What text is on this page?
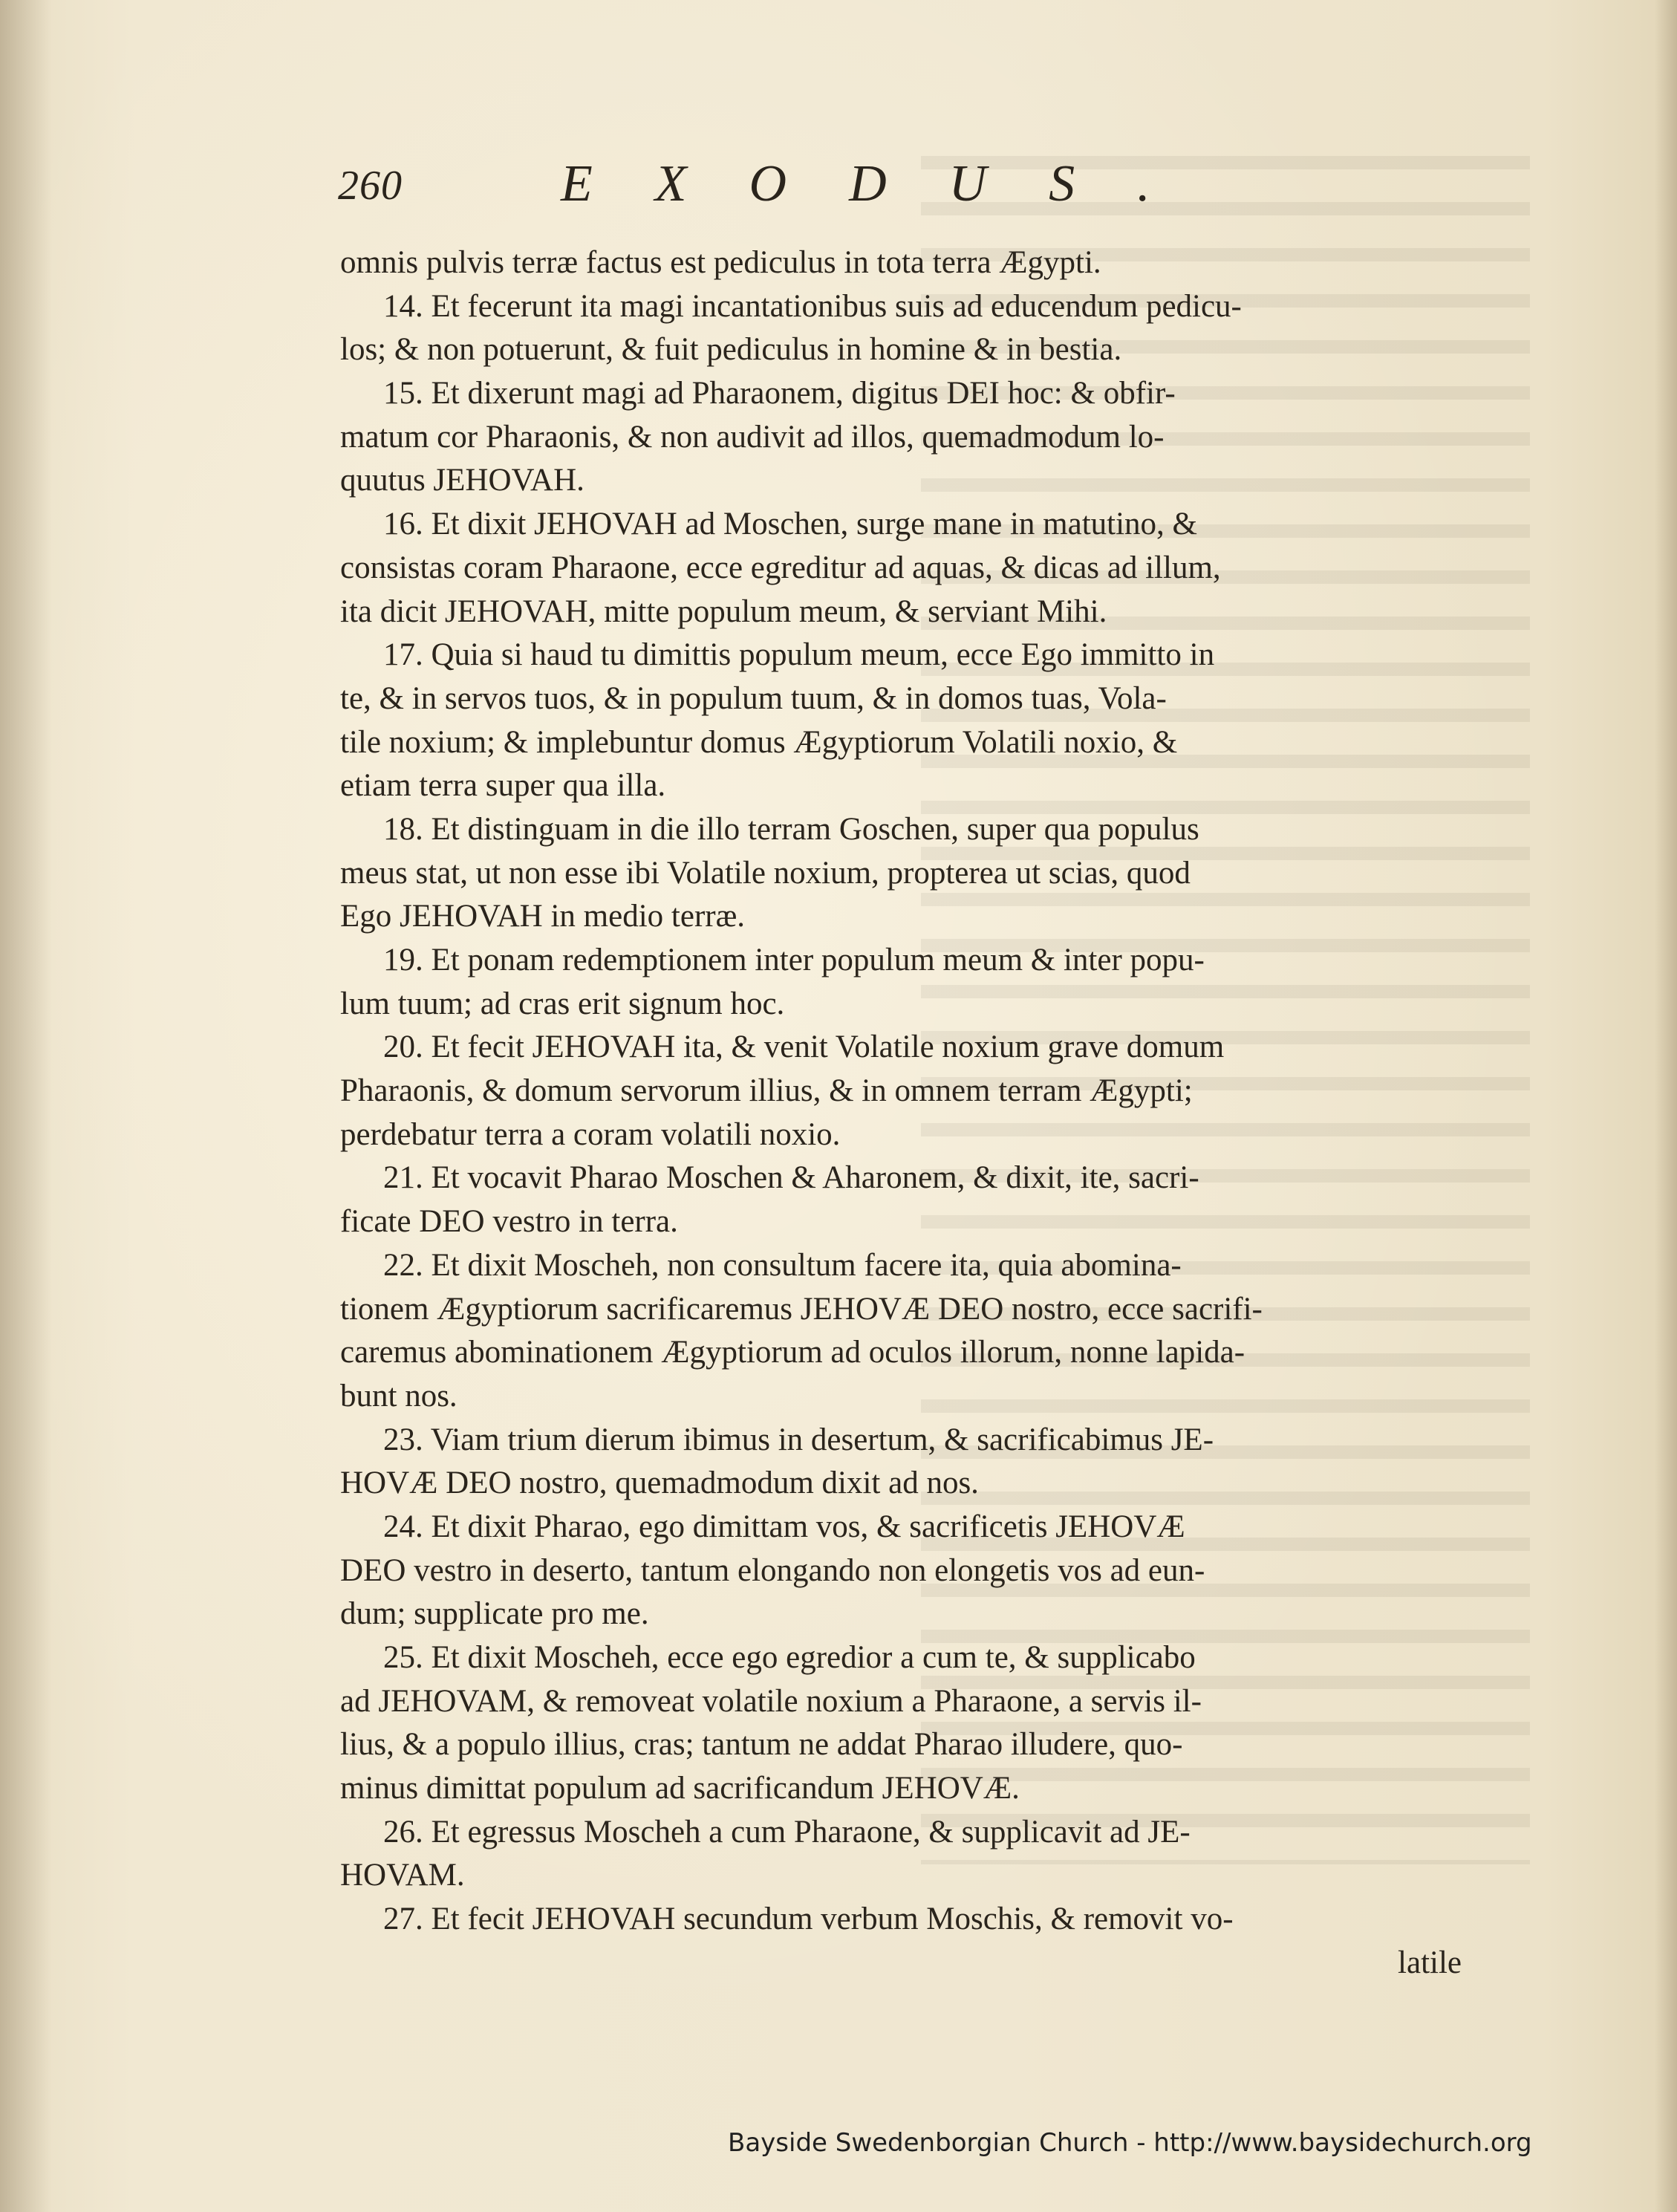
260	EXODUS.
omnis pulvis terræ factus est pediculus in tota terra Ægypti.
14. Et fecerunt ita magi incantationibus suis ad educendum pedicu-
los; & non potuerunt, & fuit pediculus in homine & in bestia.
15. Et dixerunt magi ad Pharaonem, digitus DEI hoc: & obfir-
matum cor Pharaonis, & non audivit ad illos, quemadmodum lo-
quutus JEHOVAH.
16. Et dixit JEHOVAH ad Moschen, surge mane in matutino, &
consistas coram Pharaone, ecce egreditur ad aquas, & dicas ad illum,
ita dicit JEHOVAH, mitte populum meum, & serviant Mihi.
17. Quia si haud tu dimittis populum meum, ecce Ego immitto in
te, & in servos tuos, & in populum tuum, & in domos tuas, Vola-
tile noxium; & implebuntur domus Ægyptiorum Volatili noxio, &
etiam terra super qua illa.
18. Et distinguam in die illo terram Goschen, super qua populus
meus stat, ut non esse ibi Volatile noxium, propterea ut scias, quod
Ego JEHOVAH in medio terræ.
19. Et ponam redemptionem inter populum meum & inter popu-
lum tuum; ad cras erit signum hoc.
20. Et fecit JEHOVAH ita, & venit Volatile noxium grave domum
Pharaonis, & domum servorum illius, & in omnem terram Ægypti;
perdebatur terra a coram volatili noxio.
21. Et vocavit Pharao Moschen & Aharonem, & dixit, ite, sacri-
ficate DEO vestro in terra.
22. Et dixit Moscheh, non consultum facere ita, quia abomina-
tionem Ægyptiorum sacrificaremus JEHOVÆ DEO nostro, ecce sacrifi-
caremus abominationem Ægyptiorum ad oculos illorum, nonne lapida-
bunt nos.
23. Viam trium dierum ibimus in desertum, & sacrificabimus JE-
HOVÆ DEO nostro, quemadmodum dixit ad nos.
24. Et dixit Pharao, ego dimittam vos, & sacrificetis JEHOVÆ
DEO vestro in deserto, tantum elongando non elongetis vos ad eun-
dum; supplicate pro me.
25. Et dixit Moscheh, ecce ego egredior a cum te, & supplicabo
ad JEHOVAM, & removeat volatile noxium a Pharaone, a servis il-
lius, & a populo illius, cras; tantum ne addat Pharao illudere, quo-
minus dimittat populum ad sacrificandum JEHOVÆ.
26. Et egressus Moscheh a cum Pharaone, & supplicavit ad JE-
HOVAM.
27. Et fecit JEHOVAH secundum verbum Moschis, & removit vo-
latile
Bayside Swedenborgian Church - http://www.baysidechurch.org
